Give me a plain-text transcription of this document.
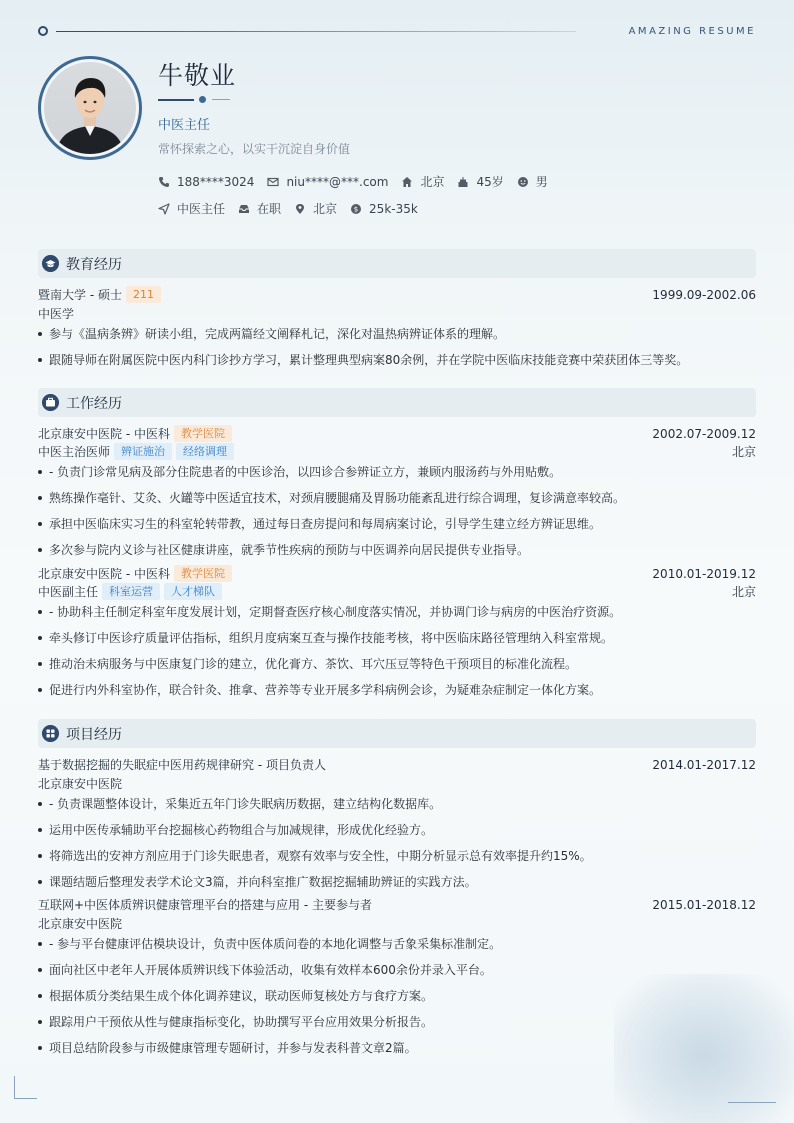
AMAZING RESUME
牛敬业
中医主任
常怀探索之心，以实干沉淀自身价值
188****3024	niu****@***.com	北京	45岁	男
中医主任	在职	北京 $ 25k-35k
教育经历
暨南大学 - 硕士 211	1999.09-2002.06
中医学
参与《温病条辨》研读小组，完成两篇经文阐释札记，深化对温热病辨证体系的理解。
跟随导师在附属医院中医内科门诊抄方学习，累计整理典型病案80余例，并在学院中医临床技能竞赛中荣获团体三等奖。
工作经历
北京康安中医院 - 中医科 教学医院	2002.07-2009.12
中医主治医师 辨证施治 经络调理	北京
- 负责门诊常见病及部分住院患者的中医诊治，以四诊合参辨证立方，兼顾内服汤药与外用贴敷。
熟练操作毫针、艾灸、火罐等中医适宜技术，对颈肩腰腿痛及胃肠功能紊乱进行综合调理，复诊满意率较高。
承担中医临床实习生的科室轮转带教，通过每日查房提问和每周病案讨论，引导学生建立经方辨证思维。
多次参与院内义诊与社区健康讲座，就季节性疾病的预防与中医调养向居民提供专业指导。
北京康安中医院 - 中医科 教学医院	2010.01-2019.12
中医副主任 科室运营 人才梯队	北京
- 协助科主任制定科室年度发展计划，定期督查医疗核心制度落实情况，并协调门诊与病房的中医治疗资源。
牵头修订中医诊疗质量评估指标，组织月度病案互查与操作技能考核，将中医临床路径管理纳入科室常规。
推动治未病服务与中医康复门诊的建立，优化膏方、茶饮、耳穴压豆等特色干预项目的标准化流程。
促进行内外科室协作，联合针灸、推拿、营养等专业开展多学科病例会诊，为疑难杂症制定一体化方案。
项目经历
基于数据挖掘的失眠症中医用药规律研究 - 项目负责人	2014.01-2017.12
北京康安中医院
- 负责课题整体设计，采集近五年门诊失眠病历数据，建立结构化数据库。
运用中医传承辅助平台挖掘核心药物组合与加减规律，形成优化经验方。
将筛选出的安神方剂应用于门诊失眠患者，观察有效率与安全性，中期分析显示总有效率提升约15%。
课题结题后整理发表学术论文3篇，并向科室推广数据挖掘辅助辨证的实践方法。
互联网+中医体质辨识健康管理平台的搭建与应用 - 主要参与者	2015.01-2018.12
北京康安中医院
- 参与平台健康评估模块设计，负责中医体质问卷的本地化调整与舌象采集标准制定。
面向社区中老年人开展体质辨识线下体验活动，收集有效样本600余份并录入平台。
根据体质分类结果生成个体化调养建议，联动医师复核处方与食疗方案。
跟踪用户干预依从性与健康指标变化，协助撰写平台应用效果分析报告。
项目总结阶段参与市级健康管理专题研讨，并参与发表科普文章2篇。
